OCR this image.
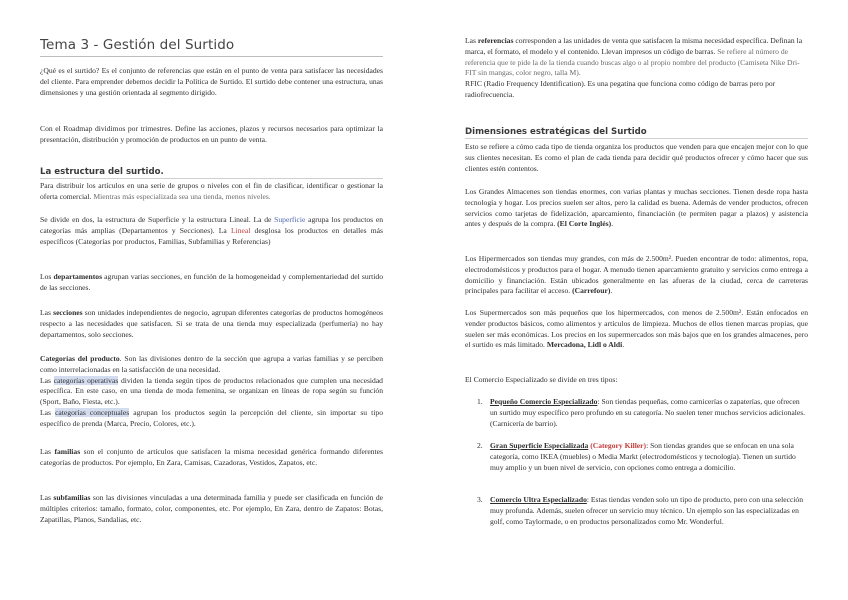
Tema 3 - Gestión del Surtido

¿Qué es el surtido? Es el conjunto de referencias que están en el punto de venta para satisfacer las necesidades del cliente. Para emprender debemos decidir la Política de Surtido. El surtido debe contener una estructura, unas dimensiones y una gestión orientada al segmento dirigido.

Con el Roadmap dividimos por trimestres. Define las acciones, plazos y recursos necesarios para optimizar la presentación, distribución y promoción de productos en un punto de venta.

La estructura del surtido.

Para distribuir los artículos en una serie de grupos o niveles con el fin de clasificar, identificar o gestionar la oferta comercial. Mientras más especializada sea una tienda, menos niveles.

Se divide en dos, la estructura de Superficie y la estructura Lineal. La de Superficie agrupa los productos en categorías más amplias (Departamentos y Secciones). La Lineal desglosa los productos en detalles más específicos (Categorías por productos, Familias, Subfamilias y Referencias)

Los departamentos agrupan varias secciones, en función de la homogeneidad y complementariedad del surtido de las secciones.

Las secciones son unidades independientes de negocio, agrupan diferentes categorías de productos homogéneos respecto a las necesidades que satisfacen. Si se trata de una tienda muy especializada (perfumería) no hay departamentos, solo secciones.

Categorías del producto. Son las divisiones dentro de la sección que agrupa a varias familias y se perciben como interrelacionadas en la satisfacción de una necesidad.
Las categorías operativas dividen la tienda según tipos de productos relacionados que cumplen una necesidad específica. En este caso, en una tienda de moda femenina, se organizan en líneas de ropa según su función (Sport, Baño, Fiesta, etc.).
Las categorías conceptuales agrupan los productos según la percepción del cliente, sin importar su tipo específico de prenda (Marca, Precio, Colores, etc.).

Las familias son el conjunto de artículos que satisfacen la misma necesidad genérica formando diferentes categorías de productos. Por ejemplo, En Zara, Camisas, Cazadoras, Vestidos, Zapatos, etc.

Las subfamilias son las divisiones vinculadas a una determinada familia y puede ser clasificada en función de múltiples criterios: tamaño, formato, color, componentes, etc. Por ejemplo, En Zara, dentro de Zapatos: Botas, Zapatillas, Planos, Sandalias, etc.

Las referencias corresponden a las unidades de venta que satisfacen la misma necesidad específica. Definan la marca, el formato, el modelo y el contenido. Llevan impresos un código de barras. Se refiere al número de referencia que te pide la de la tienda cuando buscas algo o al propio nombre del producto (Camiseta Nike Dri-FIT sin mangas, color negro, talla M).
RFIC (Radio Frequency Identification). Es una pegatina que funciona como código de barras pero por radiofrecuencia.

Dimensiones estratégicas del Surtido

Esto se refiere a cómo cada tipo de tienda organiza los productos que venden para que encajen mejor con lo que sus clientes necesitan. Es como el plan de cada tienda para decidir qué productos ofrecer y cómo hacer que sus clientes estén contentos.

Los Grandes Almacenes son tiendas enormes, con varias plantas y muchas secciones. Tienen desde ropa hasta tecnología y hogar. Los precios suelen ser altos, pero la calidad es buena. Además de vender productos, ofrecen servicios como tarjetas de fidelización, aparcamiento, financiación (te permiten pagar a plazos) y asistencia antes y después de la compra. (El Corte Inglés).

Los Hipermercados son tiendas muy grandes, con más de 2.500m². Pueden encontrar de todo: alimentos, ropa, electrodomésticos y productos para el hogar. A menudo tienen aparcamiento gratuito y servicios como entrega a domicilio y financiación. Están ubicados generalmente en las afueras de la ciudad, cerca de carreteras principales para facilitar el acceso. (Carrefour).

Los Supermercados son más pequeños que los hipermercados, con menos de 2.500m². Están enfocados en vender productos básicos, como alimentos y artículos de limpieza. Muchos de ellos tienen marcas propias, que suelen ser más económicas. Los precios en los supermercados son más bajos que en los grandes almacenes, pero el surtido es más limitado. Mercadona, Lidl o Aldi.

El Comercio Especializado se divide en tres tipos:

1. Pequeño Comercio Especializado: Son tiendas pequeñas, como carnicerías o zapaterías, que ofrecen un surtido muy específico pero profundo en su categoría. No suelen tener muchos servicios adicionales. (Carnicería de barrio).
2. Gran Superficie Especializada (Category Killer): Son tiendas grandes que se enfocan en una sola categoría, como IKEA (muebles) o Media Markt (electrodomésticos y tecnología). Tienen un surtido muy amplio y un buen nivel de servicio, con opciones como entrega a domicilio.
3. Comercio Ultra Especializado: Estas tiendas venden solo un tipo de producto, pero con una selección muy profunda. Además, suelen ofrecer un servicio muy técnico. Un ejemplo son las especializadas en golf, como Taylormade, o en productos personalizados como Mr. Wonderful.
